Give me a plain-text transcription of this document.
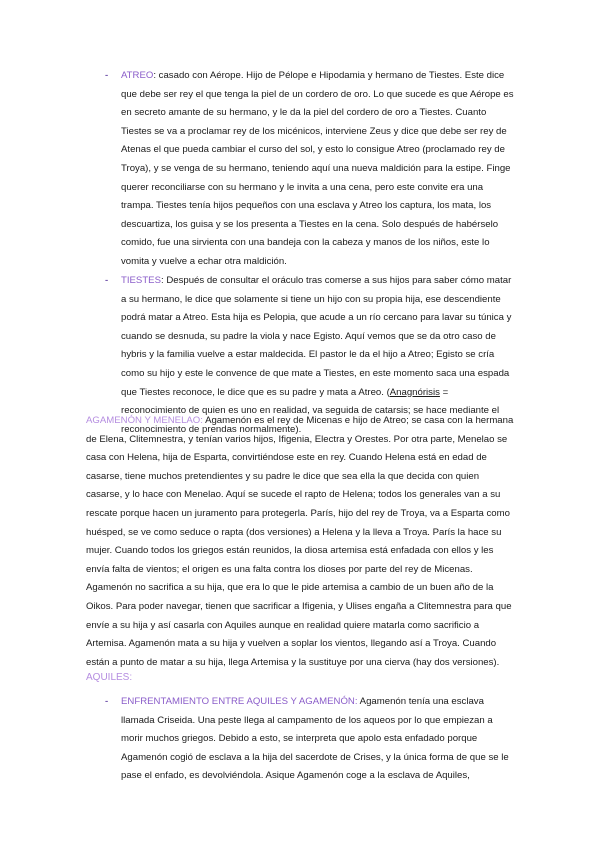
- ATREO: casado con Aérope. Hijo de Pélope e Hipodamia y hermano de Tiestes. Este dice que debe ser rey el que tenga la piel de un cordero de oro. Lo que sucede es que Aérope es en secreto amante de su hermano, y le da la piel del cordero de oro a Tiestes. Cuanto Tiestes se va a proclamar rey de los micénicos, interviene Zeus y dice que debe ser rey de Atenas el que pueda cambiar el curso del sol, y esto lo consigue Atreo (proclamado rey de Troya), y se venga de su hermano, teniendo aquí una nueva maldición para la estipe. Finge querer reconciliarse con su hermano y le invita a una cena, pero este convite era una trampa. Tiestes tenía hijos pequeños con una esclava y Atreo los captura, los mata, los descuartiza, los guisa y se los presenta a Tiestes en la cena. Solo después de habérselo comido, fue una sirvienta con una bandeja con la cabeza y manos de los niños, este lo vomita y vuelve a echar otra maldición.

- TIESTES: Después de consultar el oráculo tras comerse a sus hijos para saber cómo matar a su hermano, le dice que solamente si tiene un hijo con su propia hija, ese descendiente podrá matar a Atreo. Esta hija es Pelopia, que acude a un río cercano para lavar su túnica y cuando se desnuda, su padre la viola y nace Egisto. Aquí vemos que se da otro caso de hybris y la familia vuelve a estar maldecida. El pastor le da el hijo a Atreo; Egisto se cría como su hijo y este le convence de que mate a Tiestes, en este momento saca una espada que Tiestes reconoce, le dice que es su padre y mata a Atreo. (Anagnórisis = reconocimiento de quien es uno en realidad, va seguida de catarsis; se hace mediante el reconocimiento de prendas normalmente).

AGAMENÓN Y MENELAO: Agamenón es el rey de Micenas e hijo de Atreo; se casa con la hermana de Elena, Clitemnestra, y tenían varios hijos, Ifigenia, Electra y Orestes. Por otra parte, Menelao se casa con Helena, hija de Esparta, convirtiéndose este en rey. Cuando Helena está en edad de casarse, tiene muchos pretendientes y su padre le dice que sea ella la que decida con quien casarse, y lo hace con Menelao. Aquí se sucede el rapto de Helena; todos los generales van a su rescate porque hacen un juramento para protegerla. París, hijo del rey de Troya, va a Esparta como huésped, se ve como seduce o rapta (dos versiones) a Helena y la lleva a Troya. París la hace su mujer. Cuando todos los griegos están reunidos, la diosa artemisa está enfadada con ellos y les envía falta de vientos; el origen es una falta contra los dioses por parte del rey de Micenas. Agamenón no sacrifica a su hija, que era lo que le pide artemisa a cambio de un buen año de la Oikos. Para poder navegar, tienen que sacrificar a Ifigenia, y Ulises engaña a Clitemnestra para que envíe a su hija y así casarla con Aquiles aunque en realidad quiere matarla como sacrificio a Artemisa. Agamenón mata a su hija y vuelven a soplar los vientos, llegando así a Troya. Cuando están a punto de matar a su hija, llega Artemisa y la sustituye por una cierva (hay dos versiones).

AQUILES:
- ENFRENTAMIENTO ENTRE AQUILES Y AGAMENÓN: Agamenón tenía una esclava llamada Criseida. Una peste llega al campamento de los aqueos por lo que empiezan a morir muchos griegos. Debido a esto, se interpreta que apolo esta enfadado porque Agamenón cogió de esclava a la hija del sacerdote de Crises, y la única forma de que se le pase el enfado, es devolviéndola. Asique Agamenón coge a la esclava de Aquiles,
